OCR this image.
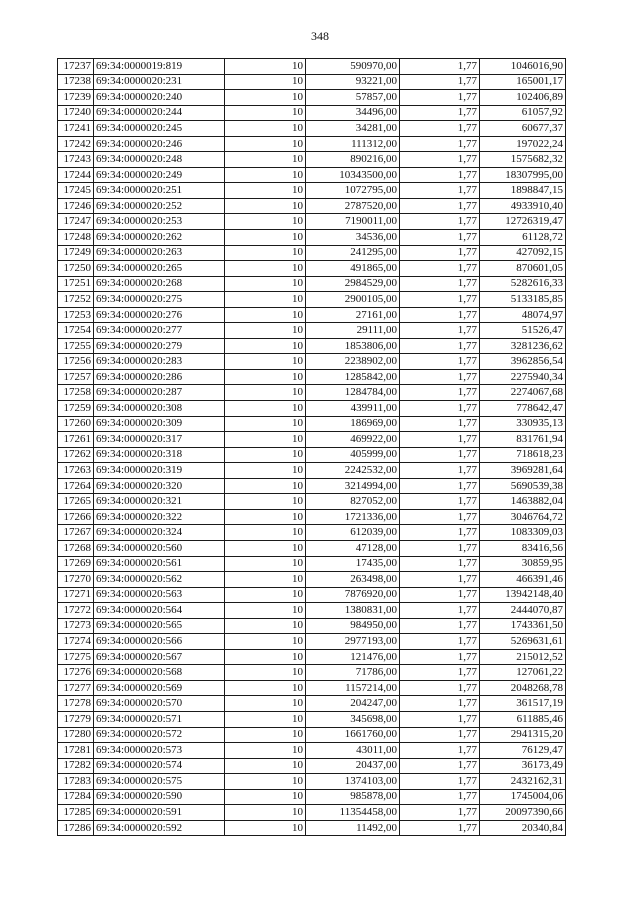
348
17237	69:34:0000019:819	10	590970,00	1,77	1046016,90
17238	69:34:0000020:231	10	93221,00	1,77	165001,17
17239	69:34:0000020:240	10	57857,00	1,77	102406,89
17240	69:34:0000020:244	10	34496,00	1,77	61057,92
17241	69:34:0000020:245	10	34281,00	1,77	60677,37
17242	69:34:0000020:246	10	111312,00	1,77	197022,24
17243	69:34:0000020:248	10	890216,00	1,77	1575682,32
17244	69:34:0000020:249	10	10343500,00	1,77	18307995,00
17245	69:34:0000020:251	10	1072795,00	1,77	1898847,15
17246	69:34:0000020:252	10	2787520,00	1,77	4933910,40
17247	69:34:0000020:253	10	7190011,00	1,77	12726319,47
17248	69:34:0000020:262	10	34536,00	1,77	61128,72
17249	69:34:0000020:263	10	241295,00	1,77	427092,15
17250	69:34:0000020:265	10	491865,00	1,77	870601,05
17251	69:34:0000020:268	10	2984529,00	1,77	5282616,33
17252	69:34:0000020:275	10	2900105,00	1,77	5133185,85
17253	69:34:0000020:276	10	27161,00	1,77	48074,97
17254	69:34:0000020:277	10	29111,00	1,77	51526,47
17255	69:34:0000020:279	10	1853806,00	1,77	3281236,62
17256	69:34:0000020:283	10	2238902,00	1,77	3962856,54
17257	69:34:0000020:286	10	1285842,00	1,77	2275940,34
17258	69:34:0000020:287	10	1284784,00	1,77	2274067,68
17259	69:34:0000020:308	10	439911,00	1,77	778642,47
17260	69:34:0000020:309	10	186969,00	1,77	330935,13
17261	69:34:0000020:317	10	469922,00	1,77	831761,94
17262	69:34:0000020:318	10	405999,00	1,77	718618,23
17263	69:34:0000020:319	10	2242532,00	1,77	3969281,64
17264	69:34:0000020:320	10	3214994,00	1,77	5690539,38
17265	69:34:0000020:321	10	827052,00	1,77	1463882,04
17266	69:34:0000020:322	10	1721336,00	1,77	3046764,72
17267	69:34:0000020:324	10	612039,00	1,77	1083309,03
17268	69:34:0000020:560	10	47128,00	1,77	83416,56
17269	69:34:0000020:561	10	17435,00	1,77	30859,95
17270	69:34:0000020:562	10	263498,00	1,77	466391,46
17271	69:34:0000020:563	10	7876920,00	1,77	13942148,40
17272	69:34:0000020:564	10	1380831,00	1,77	2444070,87
17273	69:34:0000020:565	10	984950,00	1,77	1743361,50
17274	69:34:0000020:566	10	2977193,00	1,77	5269631,61
17275	69:34:0000020:567	10	121476,00	1,77	215012,52
17276	69:34:0000020:568	10	71786,00	1,77	127061,22
17277	69:34:0000020:569	10	1157214,00	1,77	2048268,78
17278	69:34:0000020:570	10	204247,00	1,77	361517,19
17279	69:34:0000020:571	10	345698,00	1,77	611885,46
17280	69:34:0000020:572	10	1661760,00	1,77	2941315,20
17281	69:34:0000020:573	10	43011,00	1,77	76129,47
17282	69:34:0000020:574	10	20437,00	1,77	36173,49
17283	69:34:0000020:575	10	1374103,00	1,77	2432162,31
17284	69:34:0000020:590	10	985878,00	1,77	1745004,06
17285	69:34:0000020:591	10	11354458,00	1,77	20097390,66
17286	69:34:0000020:592	10	11492,00	1,77	20340,84
